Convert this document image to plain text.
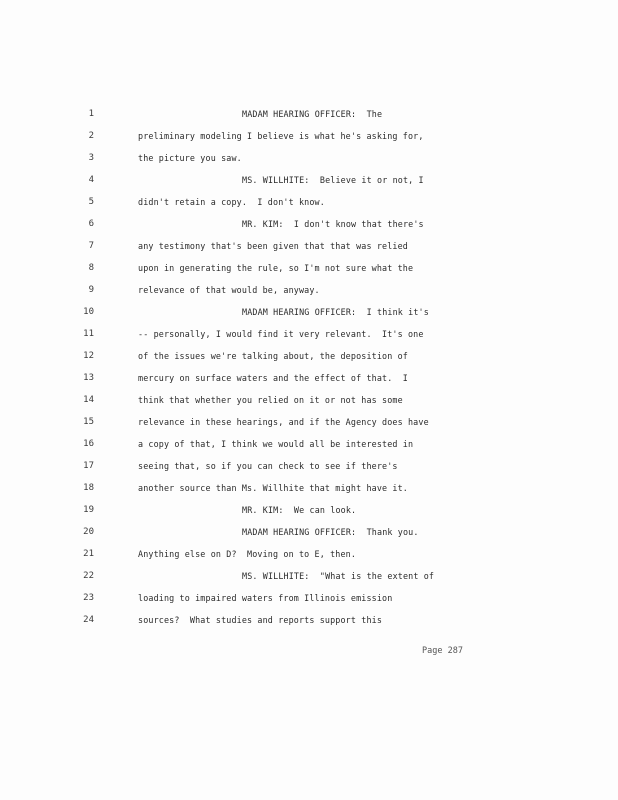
1	MADAM HEARING OFFICER:  The
2	preliminary modeling I believe is what he's asking for,
3	the picture you saw.
4	MS. WILLHITE:  Believe it or not, I
5	didn't retain a copy.  I don't know.
6	MR. KIM:  I don't know that there's
7	any testimony that's been given that that was relied
8	upon in generating the rule, so I'm not sure what the
9	relevance of that would be, anyway.
10	MADAM HEARING OFFICER:  I think it's
11	-- personally, I would find it very relevant.  It's one
12	of the issues we're talking about, the deposition of
13	mercury on surface waters and the effect of that.  I
14	think that whether you relied on it or not has some
15	relevance in these hearings, and if the Agency does have
16	a copy of that, I think we would all be interested in
17	seeing that, so if you can check to see if there's
18	another source than Ms. Willhite that might have it.
19	MR. KIM:  We can look.
20	MADAM HEARING OFFICER:  Thank you.
21	Anything else on D?  Moving on to E, then.
22	MS. WILLHITE:  "What is the extent of
23	loading to impaired waters from Illinois emission
24	sources?  What studies and reports support this
Page 287
